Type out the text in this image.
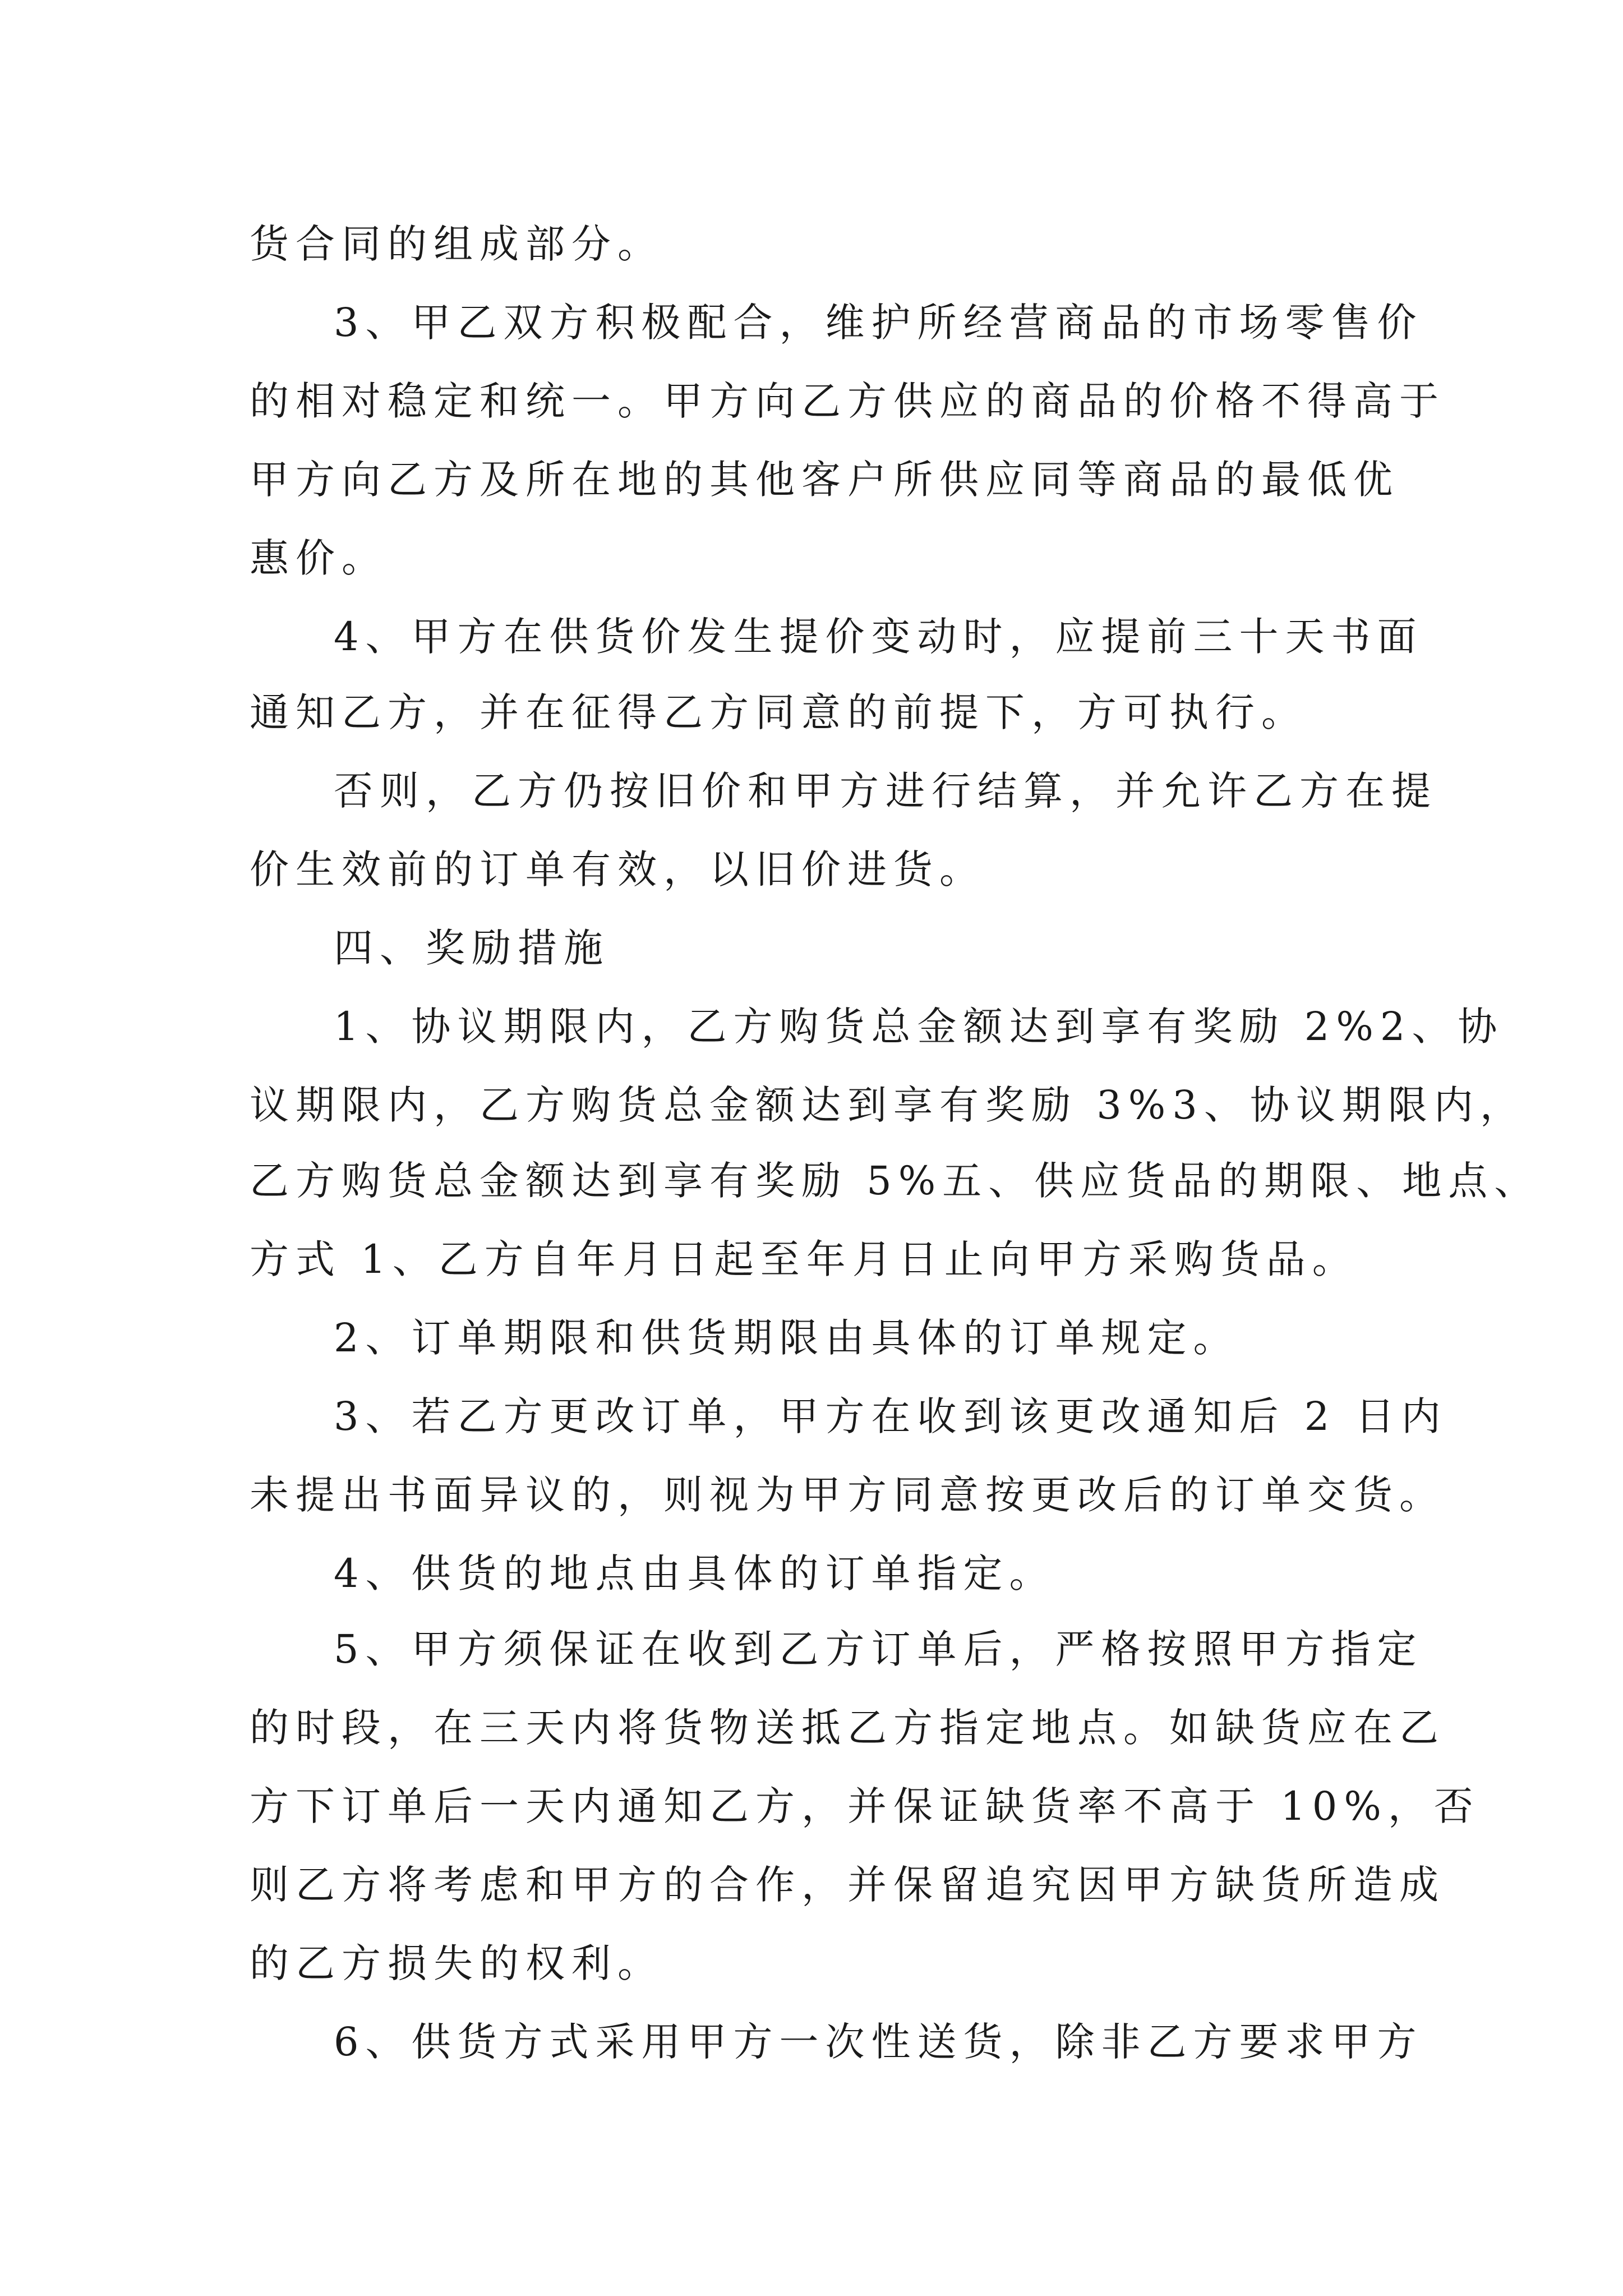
货合同的组成部分。
3、甲乙双方积极配合，维护所经营商品的市场零售价
的相对稳定和统一。甲方向乙方供应的商品的价格不得高于
甲方向乙方及所在地的其他客户所供应同等商品的最低优
惠价。
4、甲方在供货价发生提价变动时，应提前三十天书面
通知乙方，并在征得乙方同意的前提下，方可执行。
否则，乙方仍按旧价和甲方进行结算，并允许乙方在提
价生效前的订单有效，以旧价进货。
四、奖励措施
1、协议期限内，乙方购货总金额达到享有奖励 2%2、协
议期限内，乙方购货总金额达到享有奖励 3%3、协议期限内，
乙方购货总金额达到享有奖励 5%五、供应货品的期限、地点、
方式 1、乙方自年月日起至年月日止向甲方采购货品。
2、订单期限和供货期限由具体的订单规定。
3、若乙方更改订单，甲方在收到该更改通知后 2 日内
未提出书面异议的，则视为甲方同意按更改后的订单交货。
4、供货的地点由具体的订单指定。
5、甲方须保证在收到乙方订单后，严格按照甲方指定
的时段，在三天内将货物送抵乙方指定地点。如缺货应在乙
方下订单后一天内通知乙方，并保证缺货率不高于 10%，否
则乙方将考虑和甲方的合作，并保留追究因甲方缺货所造成
的乙方损失的权利。
6、供货方式采用甲方一次性送货，除非乙方要求甲方
